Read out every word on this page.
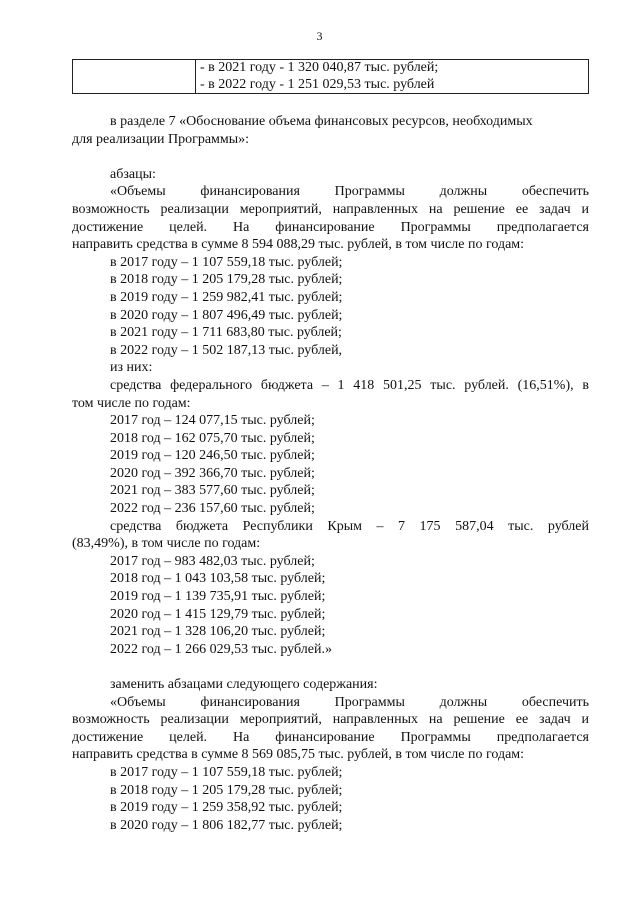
3

- в 2021 году - 1 320 040,87 тыс. рублей;
- в 2022 году - 1 251 029,53 тыс. рублей
в разделе 7 «Обоснование объема финансовых ресурсов, необходимых
для реализации Программы»:
абзацы:
«Объемы финансирования Программы должны обеспечить
возможность реализации мероприятий, направленных на решение ее задач и
достижение целей. На финансирование Программы предполагается
направить средства в сумме 8 594 088,29 тыс. рублей, в том числе по годам:
в 2017 году – 1 107 559,18 тыс. рублей;
в 2018 году – 1 205 179,28 тыс. рублей;
в 2019 году – 1 259 982,41 тыс. рублей;
в 2020 году – 1 807 496,49 тыс. рублей;
в 2021 году – 1 711 683,80 тыс. рублей;
в 2022 году – 1 502 187,13 тыс. рублей,
из них:
средства федерального бюджета – 1 418 501,25 тыс. рублей. (16,51%), в
том числе по годам:
2017 год – 124 077,15 тыс. рублей;
2018 год – 162 075,70 тыс. рублей;
2019 год – 120 246,50 тыс. рублей;
2020 год – 392 366,70 тыс. рублей;
2021 год – 383 577,60 тыс. рублей;
2022 год – 236 157,60 тыс. рублей;
средства бюджета Республики Крым – 7 175 587,04 тыс. рублей
(83,49%), в том числе по годам:
2017 год – 983 482,03 тыс. рублей;
2018 год – 1 043 103,58 тыс. рублей;
2019 год – 1 139 735,91 тыс. рублей;
2020 год – 1 415 129,79 тыс. рублей;
2021 год – 1 328 106,20 тыс. рублей;
2022 год – 1 266 029,53 тыс. рублей.»
заменить абзацами следующего содержания:
«Объемы финансирования Программы должны обеспечить
возможность реализации мероприятий, направленных на решение ее задач и
достижение целей. На финансирование Программы предполагается
направить средства в сумме 8 569 085,75 тыс. рублей, в том числе по годам:
в 2017 году – 1 107 559,18 тыс. рублей;
в 2018 году – 1 205 179,28 тыс. рублей;
в 2019 году – 1 259 358,92 тыс. рублей;
в 2020 году – 1 806 182,77 тыс. рублей;
